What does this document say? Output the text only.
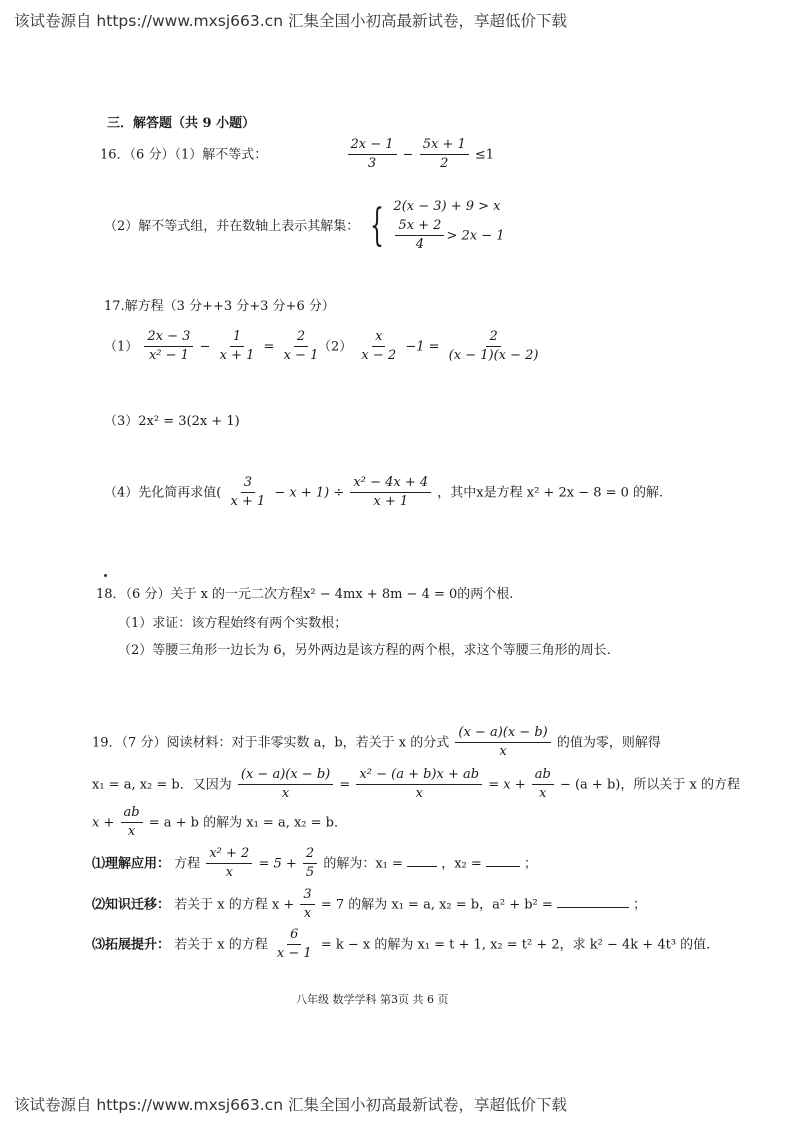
该试卷源自 https://www.mxsj663.cn 汇集全国小初高最新试卷，享超低价下载
三．解答题（共 9 小题）
16．（6 分）（1）解不等式：	$\frac{2x - 1}{3} - \frac{5x + 1}{2} \le 1$
（2）解不等式组，并在数轴上表示其解集： { 2(x − 3) + 9 > x
$\frac{5x + 2}{4} > 2x - 1$
17.解方程（3 分++3 分+3 分+6 分）
$(1) \frac{2x - 3}{\text{x² − 1}} - \frac{1}{x + 1} = \frac{2}{x - 1}$
$(2) \frac{x}{x - 2} -1 = \frac{2}{(x - 1)(x - 2)}$
（3）2x² = 3(2x + 1)
（4）先化简再求值( $\frac{3}{x + 1} - x + 1) \div \frac{\text{x² − 4x + 4}}{x + 1}$ ，其中x是方程 x² + 2x − 8 = 0 的解.
18．（6 分）关于 x 的一元二次方程x² − 4mx + 8m − 4 = 0的两个根.
（1）求证：该方程始终有两个实数根；
（2）等腰三角形一边长为 6，另外两边是该方程的两个根，求这个等腰三角形的周长.
19．（7 分）阅读材料：对于非零实数 a，b，若关于 x 的分式 $\frac{(x - a)(x - b)}{x}$ 的值为零，则解得
x₁ = a, x₂ = b．又因为 $\frac{(x - a)(x - b)}{x} = \frac{\text{x² − (a + b)x + ab}}{x} = x + \frac{ab}{x} - (a + b)$，所以关于 x 的方程
$x + \frac{ab}{x} = a + b$ 的解为 x₁ = a, x₂ = b．
⑴理解应用： 方程 $\frac{\text{x² + 2}}{x} = 5 + \frac{2}{5}$ 的解为：x₁ =	，x₂ =	；
⑵知识迁移： 若关于 x 的方程 $x + \frac{3}{x} = 7$ 的解为 x₁ = a, x₂ = b，a² + b² =	；
⑶拓展提升： 若关于 x 的方程 $\frac{6}{x - 1} = k - x$ 的解为 x₁ = t + 1, x₂ = t² + 2，求 k² − 4k + 4t³ 的值.
八年级 数学学科 第3页 共 6 页
该试卷源自 https://www.mxsj663.cn 汇集全国小初高最新试卷，享超低价下载
